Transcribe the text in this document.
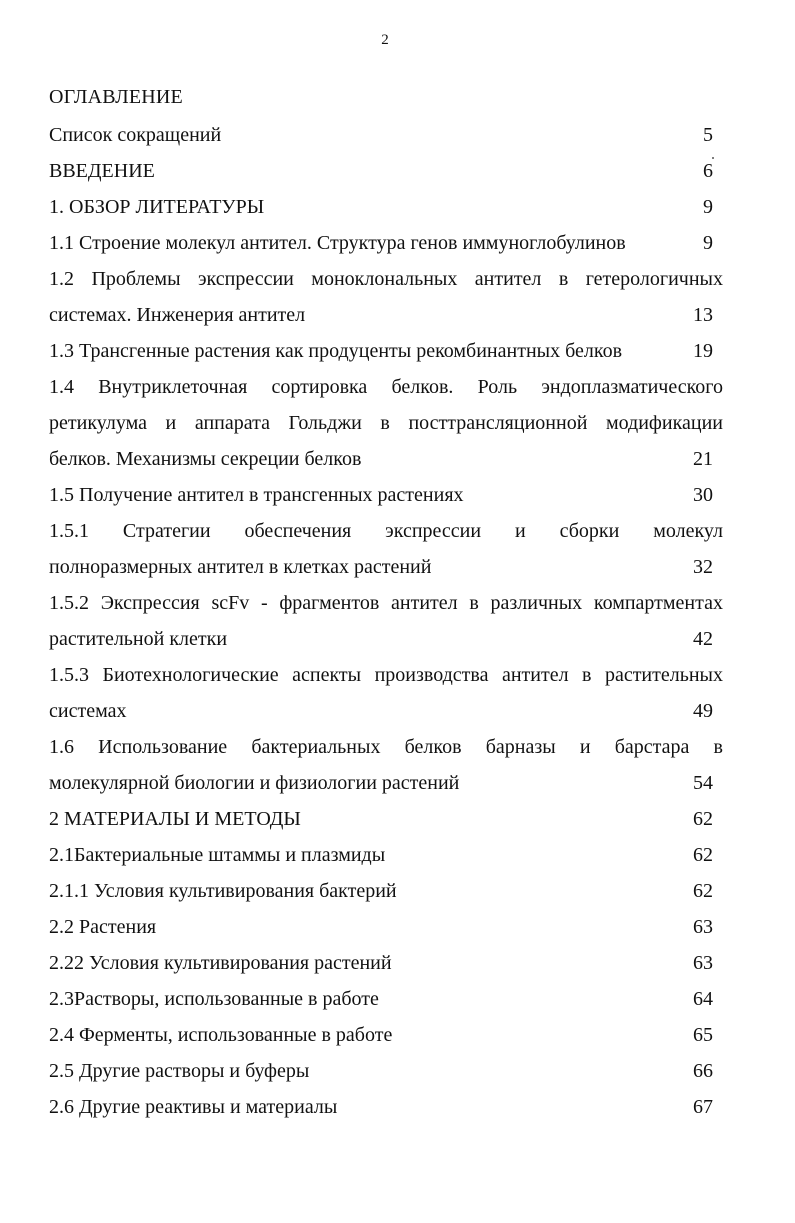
2
ОГЛАВЛЕНИЕ
Список сокращений	5
ВВЕДЕНИЕ	6
1. ОБЗОР ЛИТЕРАТУРЫ	9
1.1 Строение молекул антител. Структура генов иммуноглобулинов	9
1.2 Проблемы экспрессии моноклональных антител в гетерологичных
системах. Инженерия антител	13
1.3 Трансгенные растения как продуценты рекомбинантных белков	19
1.4 Внутриклеточная сортировка белков. Роль эндоплазматического
ретикулума и аппарата Гольджи в посттрансляционной модификации
белков. Механизмы секреции белков	21
1.5 Получение антител в трансгенных растениях	30
1.5.1 Стратегии обеспечения экспрессии и сборки молекул
полноразмерных антител в клетках растений	32
1.5.2 Экспрессия scFv - фрагментов антител в различных компартментах
растительной клетки	42
1.5.3 Биотехнологические аспекты производства антител в растительных
системах	49
1.6 Использование бактериальных белков барназы и барстара в
молекулярной биологии и физиологии растений	54
2 МАТЕРИАЛЫ И МЕТОДЫ	62
2.1Бактериальные штаммы и плазмиды	62
2.1.1 Условия культивирования бактерий	62
2.2 Растения	63
2.22 Условия культивирования растений	63
2.3Растворы, использованные в работе	64
2.4 Ферменты, использованные в работе	65
2.5 Другие растворы и буферы	66
2.6 Другие реактивы и материалы	67
